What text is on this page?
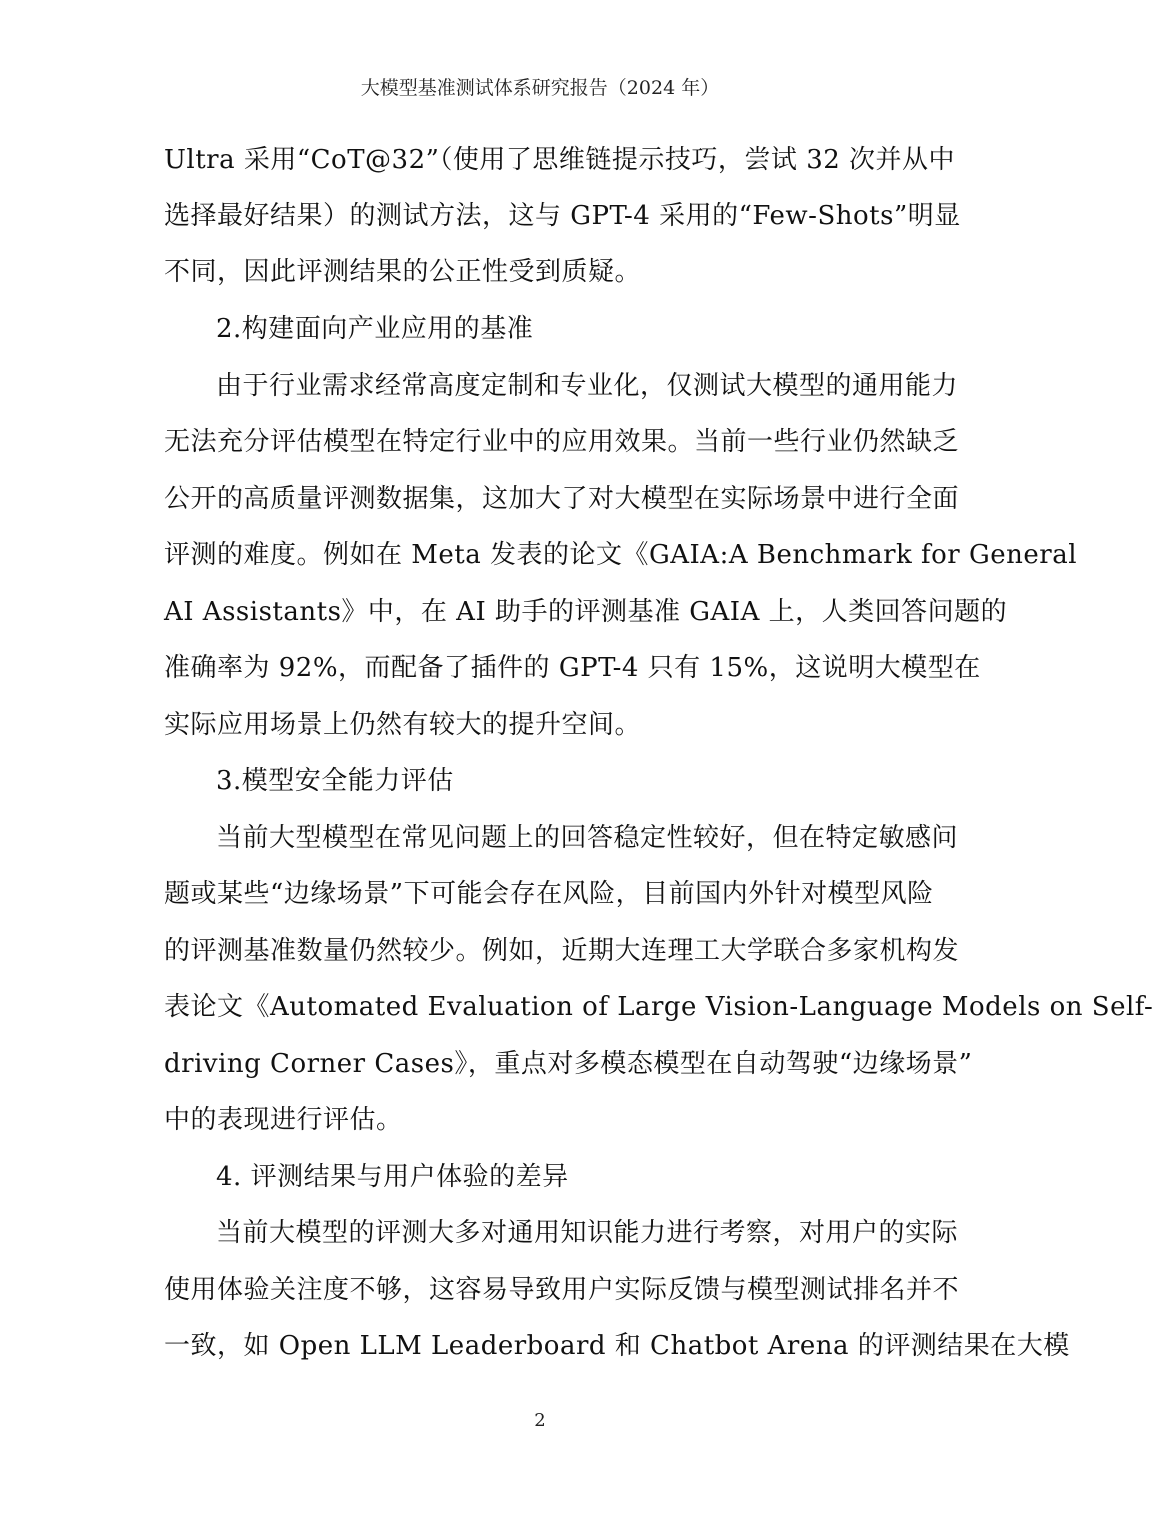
大模型基准测试体系研究报告（2024 年）
Ultra 采用“CoT@32”（使用了思维链提示技巧，尝试 32 次并从中
选择最好结果）的测试方法，这与 GPT-4 采用的“Few-Shots”明显
不同，因此评测结果的公正性受到质疑。
2.构建面向产业应用的基准
由于行业需求经常高度定制和专业化，仅测试大模型的通用能力
无法充分评估模型在特定行业中的应用效果。当前一些行业仍然缺乏
公开的高质量评测数据集，这加大了对大模型在实际场景中进行全面
评测的难度。例如在 Meta 发表的论文《GAIA:A Benchmark for General
AI Assistants》中，在 AI 助手的评测基准 GAIA 上，人类回答问题的
准确率为 92%，而配备了插件的 GPT-4 只有 15%，这说明大模型在
实际应用场景上仍然有较大的提升空间。
3.模型安全能力评估
当前大型模型在常见问题上的回答稳定性较好，但在特定敏感问
题或某些“边缘场景”下可能会存在风险，目前国内外针对模型风险
的评测基准数量仍然较少。例如，近期大连理工大学联合多家机构发
表论文《Automated Evaluation of Large Vision-Language Models on Self-
driving Corner Cases》，重点对多模态模型在自动驾驶“边缘场景”
中的表现进行评估。
4. 评测结果与用户体验的差异
当前大模型的评测大多对通用知识能力进行考察，对用户的实际
使用体验关注度不够，这容易导致用户实际反馈与模型测试排名并不
一致，如 Open LLM Leaderboard 和 Chatbot Arena 的评测结果在大模
2
